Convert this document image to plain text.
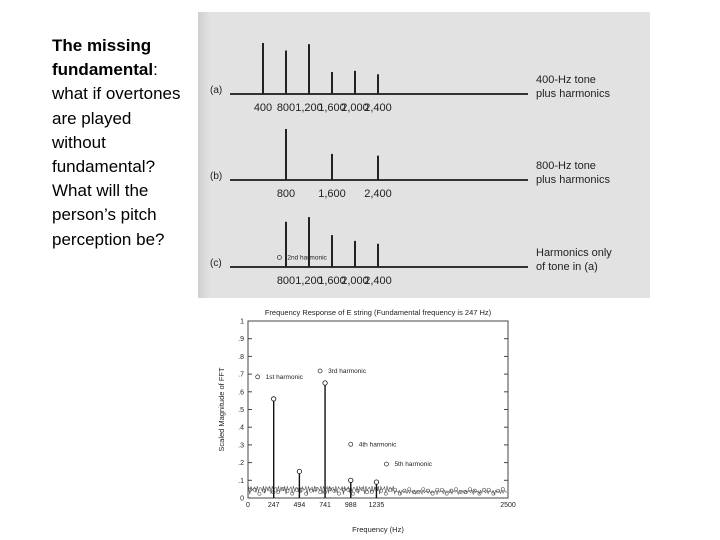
The missing fundamental: what if overtones are played without fundamental? What will the person’s pitch perception be?
(a)
400 800 1,200
1,600
2,000
2,400
400-Hz tone
plus harmonics
(b)
800 1,600 2,400
800-Hz tone
plus harmonics
(c)
800 1,200
1,600
2,000
2,400
Harmonics only
of tone in (a)
Frequency Response of E string (Fundamental frequency is 247 Hz)
Frequency (Hz)
Scaled Magnitude of FFT
0
.1
.2
.3
.4
.5
.6
.7
.8
.9
1
0	247 494 741 988 1235	2500
1st harmonic
2nd harmonic
3rd harmonic
4th harmonic
5th harmonic
